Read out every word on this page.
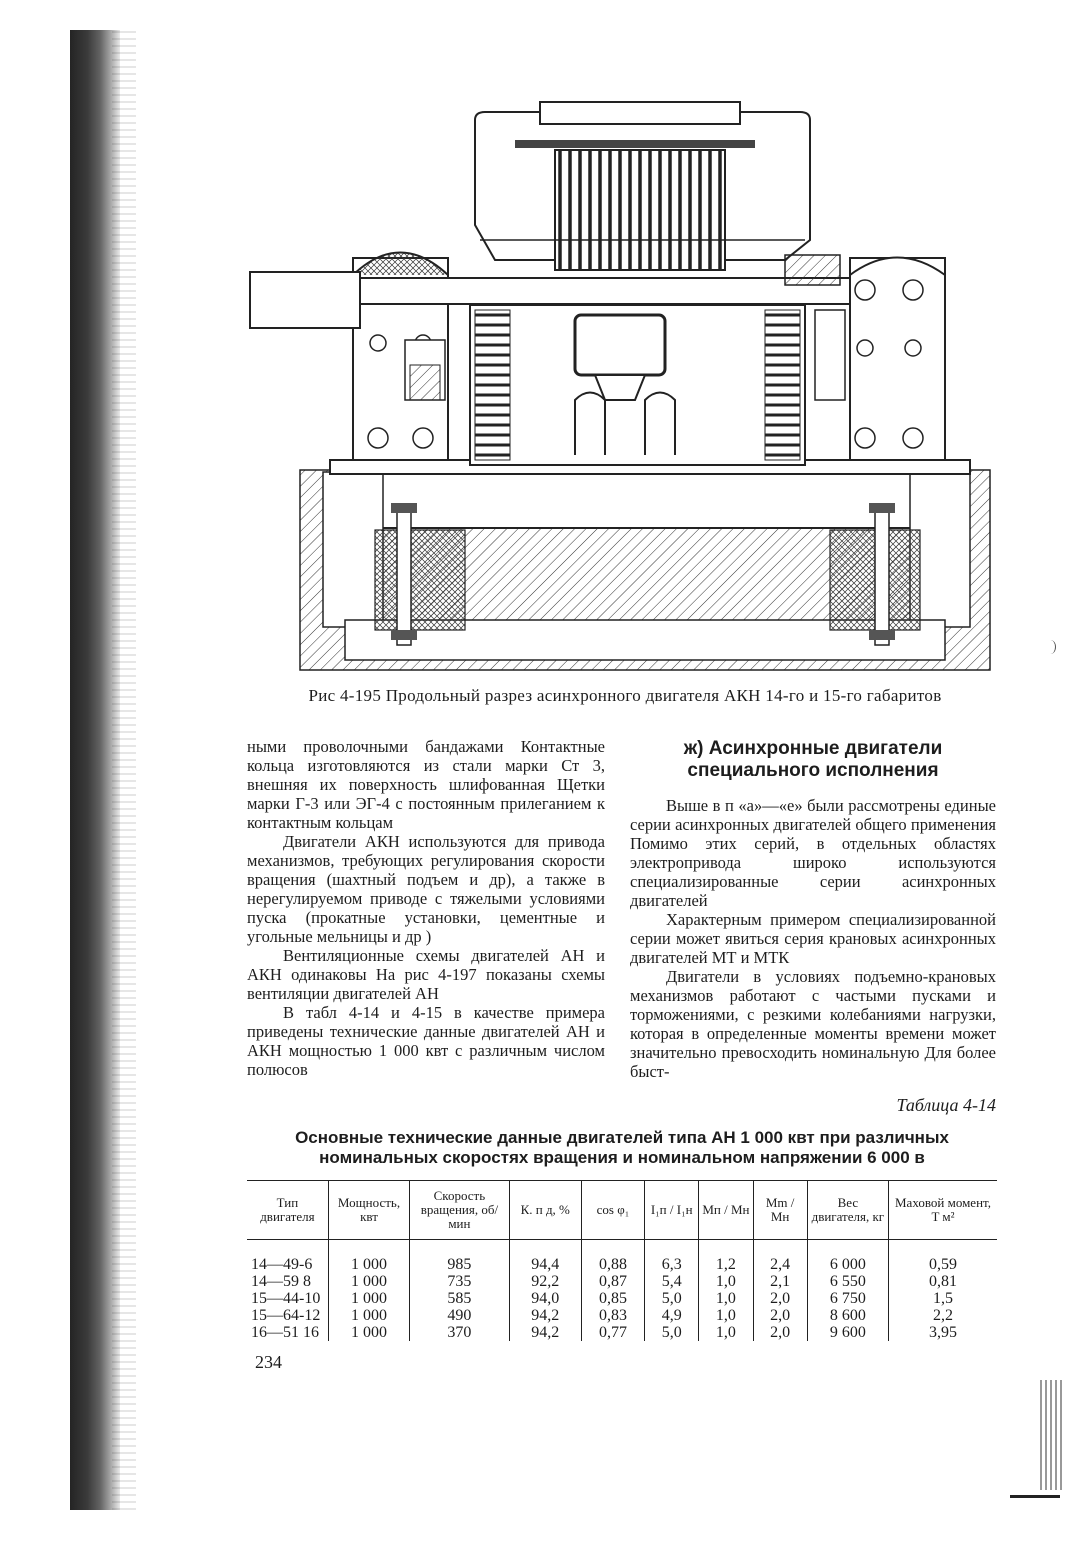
Рис 4-195 Продольный разрез асинхронного двигателя АКН 14-го и 15-го габаритов

ными проволочными бандажами Контактные кольца изготовляются из стали марки Ст 3, внешняя их поверхность шлифованная Щетки марки Г-3 или ЭГ-4 с постоянным прилеганием к контактным кольцам

Двигатели АКН используются для привода механизмов, требующих регулирования скорости вращения (шахтный подъем и др), а также в нерегулируемом приводе с тяжелыми условиями пуска (прокатные установки, цементные и угольные мельницы и др )

Вентиляционные схемы двигателей АН и АКН одинаковы На рис 4-197 показаны схемы вентиляции двигателей АН

В табл 4-14 и 4-15 в качестве примера приведены технические данные двигателей АН и АКН мощностью 1 000 квт с различным числом полюсов

ж) Асинхронные двигатели специального исполнения

Выше в п «а»—«е» были рассмотрены единые серии асинхронных двигателей общего применения Помимо этих серий, в отдельных областях электропривода широко используются специализированные серии асинхронных двигателей

Характерным примером специализированной серии может явиться серия крановых асинхронных двигателей МТ и МТК

Двигатели в условиях подъемно-крановых механизмов работают с частыми пусками и торможениями, с резкими колебаниями нагрузки, которая в определенные моменты времени может значительно превосходить номинальную Для более быст-

Таблица 4-14
Основные технические данные двигателей типа АН 1 000 квт при различных номинальных скоростях вращения и номинальном напряжении 6 000 в
Тип двигателя	Мощность, квт	Скорость вращения, об/мин	К. п д, %	cos φ₁	I₁п / I₁н	Mп / Mн	Mm / Mн	Вес двигателя, кг	Маховой момент, T м²

14—49-6	1 000	985	94,4	0,88	6,3	1,2	2,4	6 000	0,59
14—59 8	1 000	735	92,2	0,87	5,4	1,0	2,1	6 550	0,81
15—44-10	1 000	585	94,0	0,85	5,0	1,0	2,0	6 750	1,5
15—64-12	1 000	490	94,2	0,83	4,9	1,0	2,0	8 600	2,2
16—51 16	1 000	370	94,2	0,77	5,0	1,0	2,0	9 600	3,95
234
